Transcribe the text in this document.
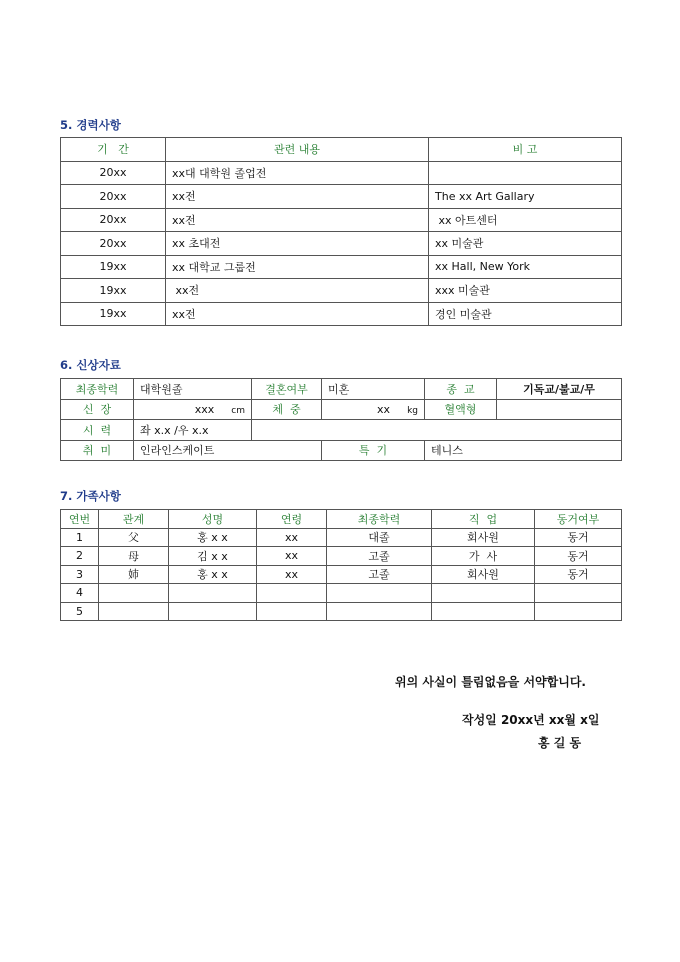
5. 경력사항
기   간	관련 내용	비 고
20xx	xx대 대학원 졸업전	
20xx	xx전	The xx Art Gallary
20xx	xx전	xx 아트센터
20xx	xx 초대전	xx 미술관
19xx	xx 대학교 그룹전	xx Hall, New York
19xx	xx전	xxx 미술관
19xx	xx전	경인 미술관
6. 신상자료
최종학력	대학원졸	결혼여부	미혼	종  교	기독교/불교/무
신  장	xxx cm	체  중	xx kg	혈액형	
시  력	좌 x.x /우 x.x				
취  미	인라인스케이트		특  기	테니스	
7. 가족사항
연번	관계	성명	연령	최종학력	직  업	동거여부
1	父	홍 x x	xx	대졸	회사원	동거
2	母	김 x x	xx	고졸	가  사	동거
3	姉	홍 x x	xx	고졸	회사원	동거
4						
5						
위의 사실이 틀림없음을 서약합니다.
작성일 20xx년 xx월 x일
홍 길 동
